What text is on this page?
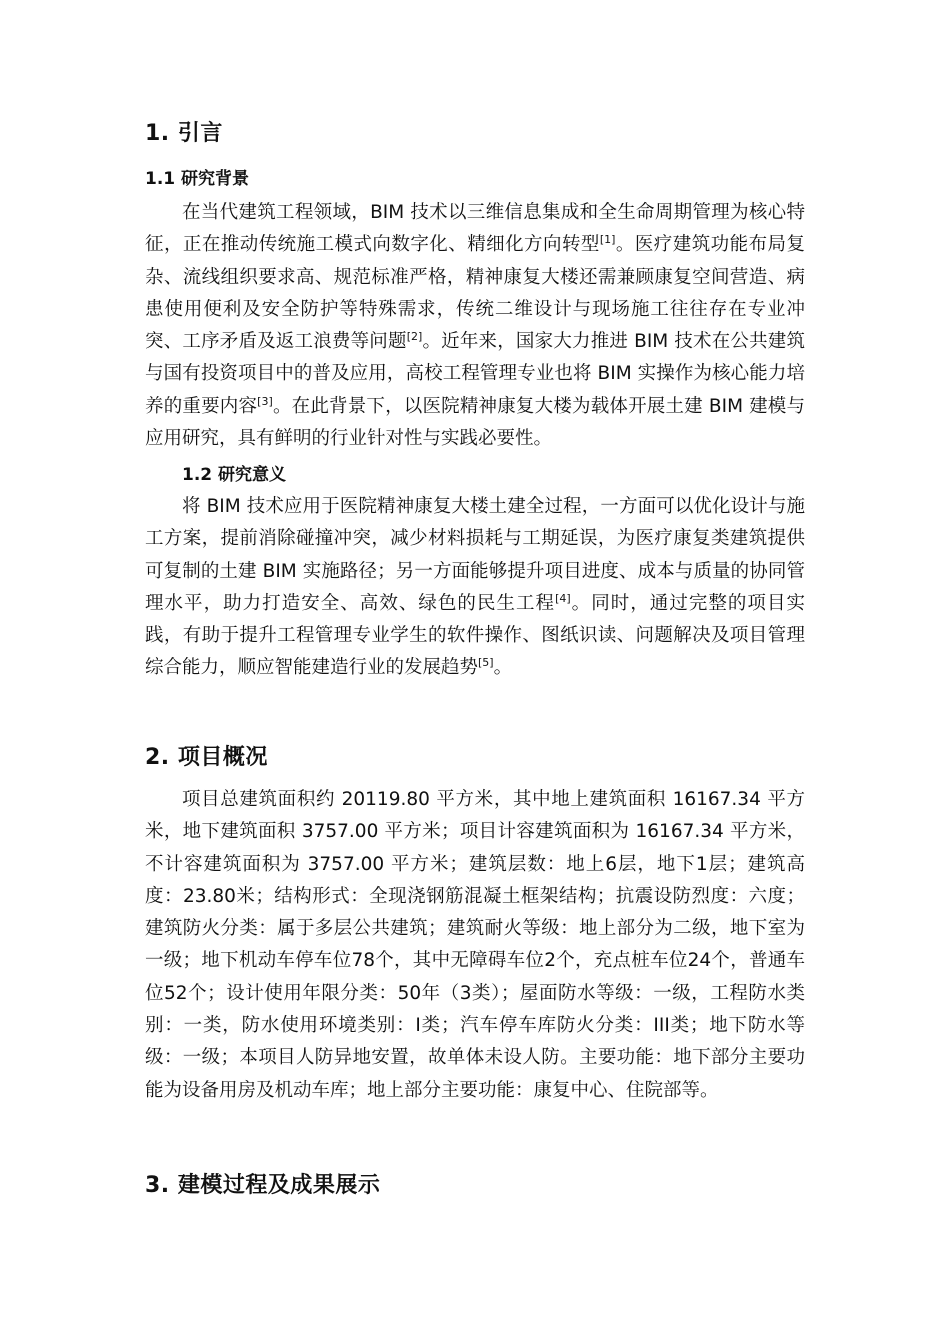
1. 引言
1.1 研究背景

在当代建筑工程领域，BIM 技术以三维信息集成和全生命周期管理为核心特征，正在推动传统施工模式向数字化、精细化方向转型[1]。医疗建筑功能布局复杂、流线组织要求高、规范标准严格，精神康复大楼还需兼顾康复空间营造、病患使用便利及安全防护等特殊需求，传统二维设计与现场施工往往存在专业冲突、工序矛盾及返工浪费等问题[2]。近年来，国家大力推进 BIM 技术在公共建筑与国有投资项目中的普及应用，高校工程管理专业也将 BIM 实操作为核心能力培养的重要内容[3]。在此背景下，以医院精神康复大楼为载体开展土建 BIM 建模与应用研究，具有鲜明的行业针对性与实践必要性。

1.2 研究意义

将 BIM 技术应用于医院精神康复大楼土建全过程，一方面可以优化设计与施工方案，提前消除碰撞冲突，减少材料损耗与工期延误，为医疗康复类建筑提供可复制的土建 BIM 实施路径；另一方面能够提升项目进度、成本与质量的协同管理水平，助力打造安全、高效、绿色的民生工程[4]。同时，通过完整的项目实践，有助于提升工程管理专业学生的软件操作、图纸识读、问题解决及项目管理综合能力，顺应智能建造行业的发展趋势[5]。

2. 项目概况

项目总建筑面积约 20119.80 平方米，其中地上建筑面积 16167.34 平方米，地下建筑面积 3757.00 平方米；项目计容建筑面积为 16167.34 平方米，不计容建筑面积为 3757.00 平方米；建筑层数：地上6层，地下1层；建筑高度：23.80米；结构形式：全现浇钢筋混凝土框架结构；抗震设防烈度：六度；建筑防火分类：属于多层公共建筑；建筑耐火等级：地上部分为二级，地下室为一级；地下机动车停车位78个，其中无障碍车位2个，充点桩车位24个，普通车位52个；设计使用年限分类：50年（3类）；屋面防水等级：一级，工程防水类别：一类，防水使用环境类别：I类；汽车停车库防火分类：III类；地下防水等级：一级；本项目人防异地安置，故单体未设人防。主要功能：地下部分主要功能为设备用房及机动车库；地上部分主要功能：康复中心、住院部等。

3. 建模过程及成果展示
